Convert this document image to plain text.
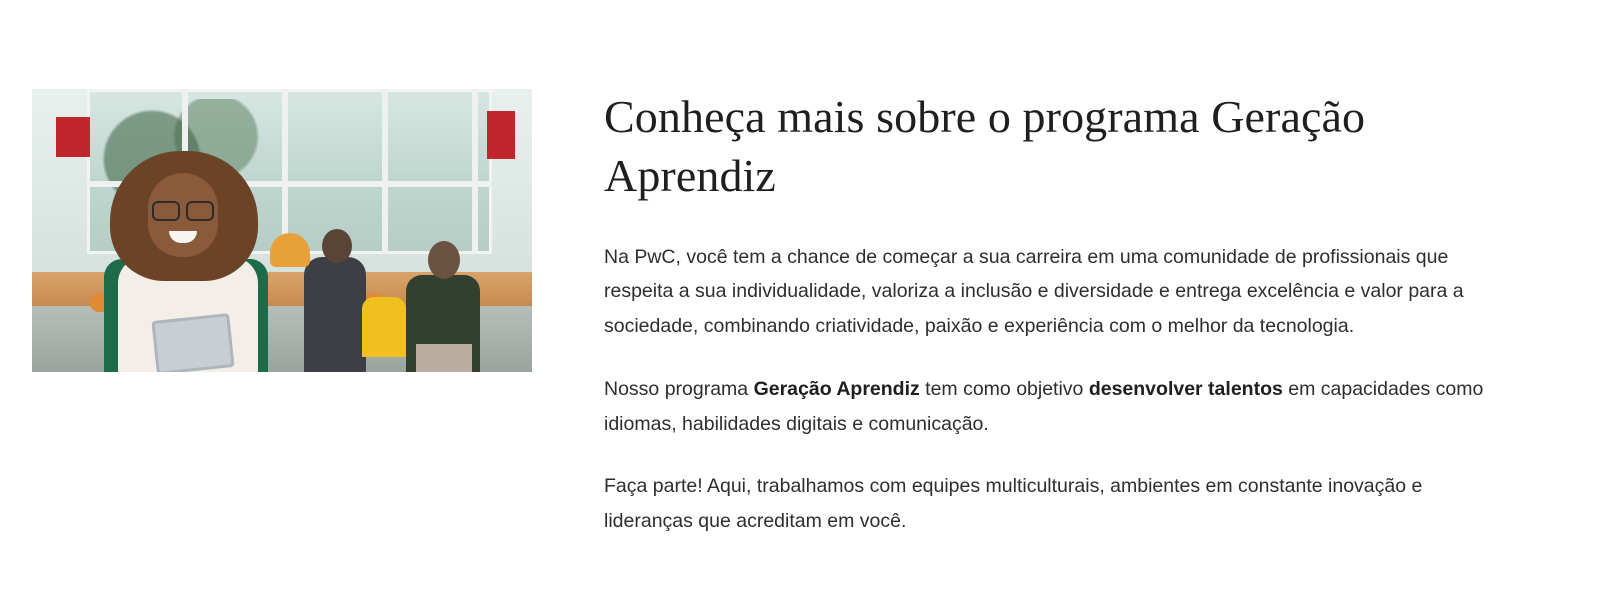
Conheça mais sobre o programa Geração Aprendiz

Na PwC, você tem a chance de começar a sua carreira em uma comunidade de profissionais que respeita a sua individualidade, valoriza a inclusão e diversidade e entrega excelência e valor para a sociedade, combinando criatividade, paixão e experiência com o melhor da tecnologia.

Nosso programa Geração Aprendiz tem como objetivo desenvolver talentos em capacidades como idiomas, habilidades digitais e comunicação.

Faça parte! Aqui, trabalhamos com equipes multiculturais, ambientes em constante inovação e lideranças que acreditam em você.
